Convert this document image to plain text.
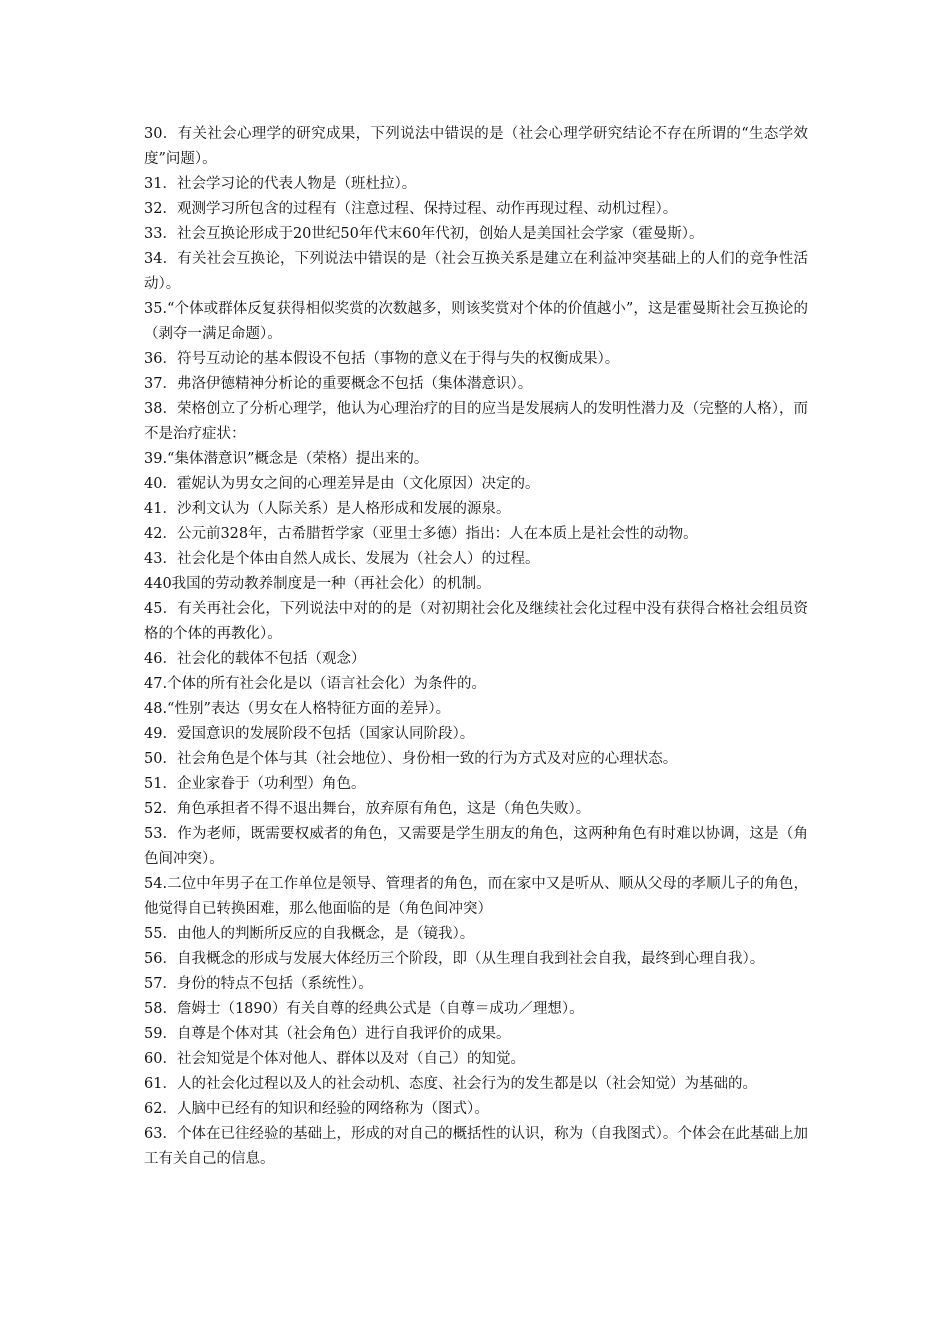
30．有关社会心理学的研究成果，下列说法中错误的是（社会心理学研究结论不存在所谓的“生态学效度”问题）。

31．社会学习论的代表人物是（班杜拉）。

32．观测学习所包含的过程有（注意过程、保持过程、动作再现过程、动机过程）。

33．社会互换论形成于20世纪50年代末60年代初，创始人是美国社会学家（霍曼斯）。

34．有关社会互换论，下列说法中错误的是（社会互换关系是建立在利益冲突基础上的人们的竞争性活动）。

35.“个体或群体反复获得相似奖赏的次数越多，则该奖赏对个体的价值越小”，这是霍曼斯社会互换论的（剥夺一满足命题）。

36．符号互动论的基本假设不包括（事物的意义在于得与失的权衡成果）。

37．弗洛伊德精神分析论的重要概念不包括（集体潜意识）。

38．荣格创立了分析心理学，他认为心理治疗的目的应当是发展病人的发明性潜力及（完整的人格），而不是治疗症状：

39.“集体潜意识”概念是（荣格）提出来的。

40．霍妮认为男女之间的心理差异是由（文化原因）决定的。

41．沙利文认为（人际关系）是人格形成和发展的源泉。

42．公元前328年，古希腊哲学家（亚里士多德）指出：人在本质上是社会性的动物。

43．社会化是个体由自然人成长、发展为（社会人）的过程。

440我国的劳动教养制度是一种（再社会化）的机制。

45．有关再社会化，下列说法中对的的是（对初期社会化及继续社会化过程中没有获得合格社会组员资格的个体的再教化）。

46．社会化的载体不包括（观念）

47.个体的所有社会化是以（语言社会化）为条件的。

48.“性别”表达（男女在人格特征方面的差异）。

49．爱国意识的发展阶段不包括（国家认同阶段）。

50．社会角色是个体与其（社会地位）、身份相一致的行为方式及对应的心理状态。

51．企业家眷于（功利型）角色。

52．角色承担者不得不退出舞台，放弃原有角色，这是（角色失败）。

53．作为老师，既需要权威者的角色，又需要是学生朋友的角色，这两种角色有时难以协调，这是（角色间冲突）。

54.二位中年男子在工作单位是领导、管理者的角色，而在家中又是听从、顺从父母的孝顺儿子的角色，他觉得自已转换困难，那么他面临的是（角色间冲突）

55．由他人的判断所反应的自我概念，是（镜我）。

56．自我概念的形成与发展大体经历三个阶段，即（从生理自我到社会自我，最终到心理自我）。

57．身份的特点不包括（系统性）。

58．詹姆士（1890）有关自尊的经典公式是（自尊＝成功／理想）。

59．自尊是个体对其（社会角色）进行自我评价的成果。

60．社会知觉是个体对他人、群体以及对（自己）的知觉。

61．人的社会化过程以及人的社会动机、态度、社会行为的发生都是以（社会知觉）为基础的。

62．人脑中已经有的知识和经验的网络称为（图式）。

63．个体在已往经验的基础上，形成的对自己的概括性的认识，称为（自我图式）。个体会在此基础上加工有关自己的信息。
